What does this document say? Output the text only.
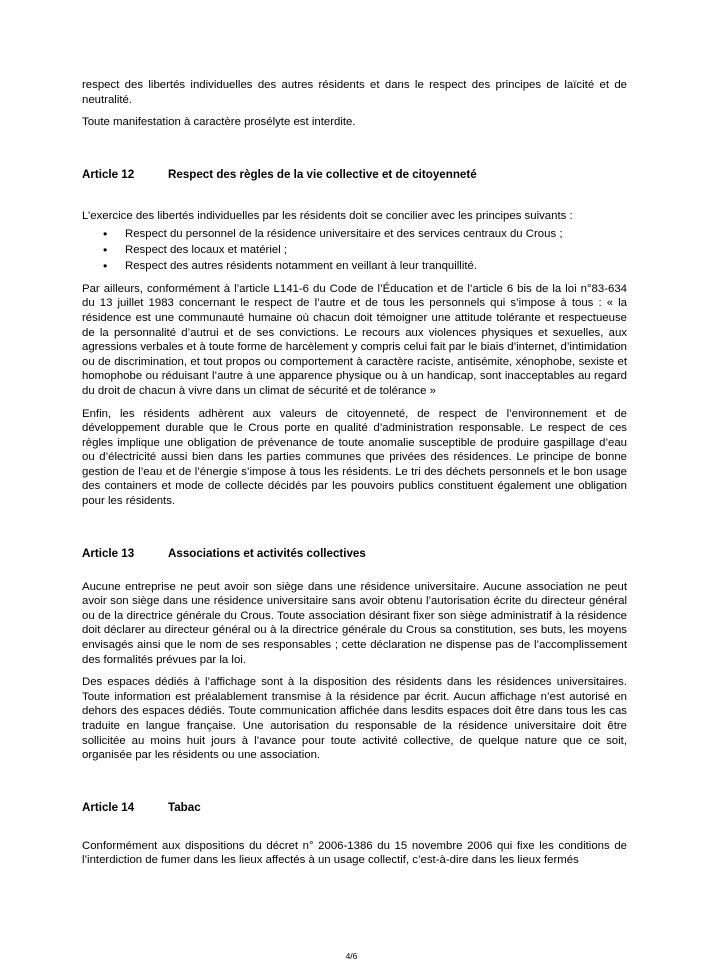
respect des libertés individuelles des autres résidents et dans le respect des principes de laïcité et de neutralité.

Toute manifestation à caractère prosélyte est interdite.

Article 12	Respect des règles de la vie collective et de citoyenneté

L’exercice des libertés individuelles par les résidents doit se concilier avec les principes suivants :

• Respect du personnel de la résidence universitaire et des services centraux du Crous ;
• Respect des locaux et matériel ;
• Respect des autres résidents notamment en veillant à leur tranquillité.

Par ailleurs, conformément à l’article L141-6 du Code de l’Éducation et de l’article 6 bis de la loi n°83-634 du 13 juillet 1983 concernant le respect de l’autre et de tous les personnels qui s’impose à tous : « la résidence est une communauté humaine où chacun doit témoigner une attitude tolérante et respectueuse de la personnalité d’autrui et de ses convictions. Le recours aux violences physiques et sexuelles, aux agressions verbales et à toute forme de harcèlement y compris celui fait par le biais d’internet, d’intimidation ou de discrimination, et tout propos ou comportement à caractère raciste, antisémite, xénophobe, sexiste et homophobe ou réduisant l’autre à une apparence physique ou à un handicap, sont inacceptables au regard du droit de chacun à vivre dans un climat de sécurité et de tolérance »

Enfin, les résidents adhèrent aux valeurs de citoyenneté, de respect de l’environnement et de développement durable que le Crous porte en qualité d’administration responsable. Le respect de ces règles implique une obligation de prévenance de toute anomalie susceptible de produire gaspillage d’eau ou d’électricité aussi bien dans les parties communes que privées des résidences. Le principe de bonne gestion de l’eau et de l’énergie s’impose à tous les résidents. Le tri des déchets personnels et le bon usage des containers et mode de collecte décidés par les pouvoirs publics constituent également une obligation pour les résidents.

Article 13	Associations et activités collectives

Aucune entreprise ne peut avoir son siège dans une résidence universitaire. Aucune association ne peut avoir son siège dans une résidence universitaire sans avoir obtenu l’autorisation écrite du directeur général ou de la directrice générale du Crous. Toute association désirant fixer son siège administratif à la résidence doit déclarer au directeur général ou à la directrice générale du Crous sa constitution, ses buts, les moyens envisagés ainsi que le nom de ses responsables ; cette déclaration ne dispense pas de l’accomplissement des formalités prévues par la loi.

Des espaces dédiés à l’affichage sont à la disposition des résidents dans les résidences universitaires. Toute information est préalablement transmise à la résidence par écrit. Aucun affichage n’est autorisé en dehors des espaces dédiés. Toute communication affichée dans lesdits espaces doit être dans tous les cas traduite en langue française. Une autorisation du responsable de la résidence universitaire doit être sollicitée au moins huit jours à l’avance pour toute activité collective, de quelque nature que ce soit, organisée par les résidents ou une association.

Article 14	Tabac

Conformément aux dispositions du décret n° 2006-1386 du 15 novembre 2006 qui fixe les conditions de l’interdiction de fumer dans les lieux affectés à un usage collectif, c’est-à-dire dans les lieux fermés

4/6
